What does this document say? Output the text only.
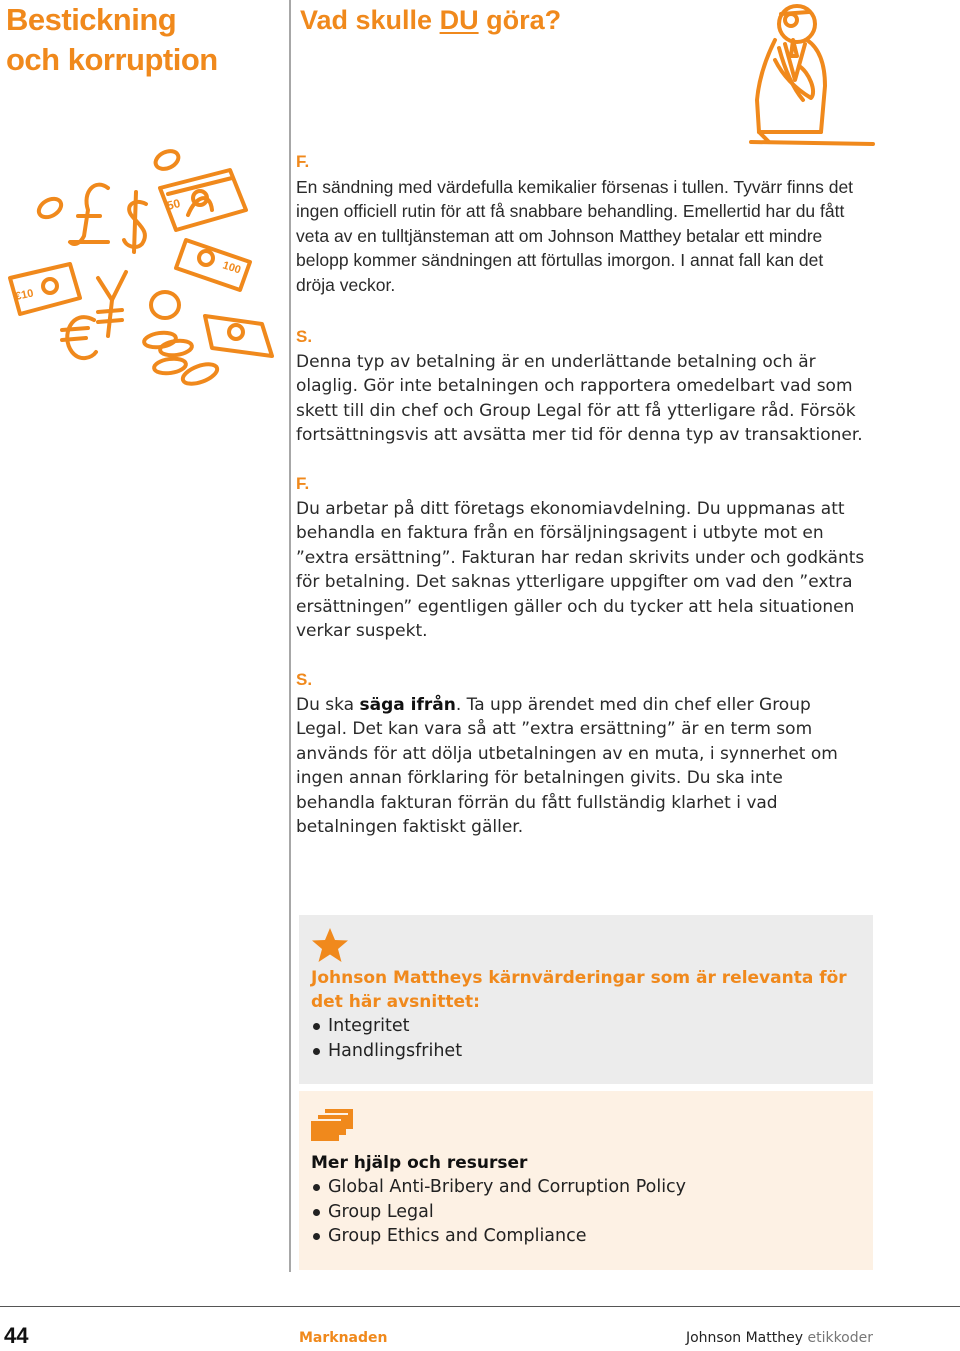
Bestickning
och korruption
Vad skulle DU göra?
50
100
€10
F.

En sändning med värdefulla kemikalier försenas i tullen. Tyvärr finns det ingen officiell rutin för att få snabbare behandling. Emellertid har du fått veta av en tulltjänsteman att om Johnson Matthey betalar ett mindre belopp kommer sändningen att förtullas imorgon. I annat fall kan det dröja veckor.

S.

Denna typ av betalning är en underlättande betalning och är olaglig. Gör inte betalningen och rapportera omedelbart vad som skett till din chef och Group Legal för att få ytterligare råd. Försök fortsättningsvis att avsätta mer tid för denna typ av transaktioner.

F.

Du arbetar på ditt företags ekonomiavdelning. Du uppmanas att behandla en faktura från en försäljningsagent i utbyte mot en ”extra ersättning”. Fakturan har redan skrivits under och godkänts för betalning. Det saknas ytterligare uppgifter om vad den ”extra ersättningen” egentligen gäller och du tycker att hela situationen verkar suspekt.

S.

Du ska säga ifrån. Ta upp ärendet med din chef eller Group Legal. Det kan vara så att ”extra ersättning” är en term som används för att dölja utbetalningen av en muta, i synnerhet om ingen annan förklaring för betalningen givits. Du ska inte behandla fakturan förrän du fått fullständig klarhet i vad betalningen faktiskt gäller.

Johnson Mattheys kärnvärderingar som är relevanta för det här avsnittet:

Integritet
Handlingsfrihet

Mer hjälp och resurser

Global Anti-Bribery and Corruption Policy
Group Legal
Group Ethics and Compliance

44	Marknaden	Johnson Matthey etikkoder
